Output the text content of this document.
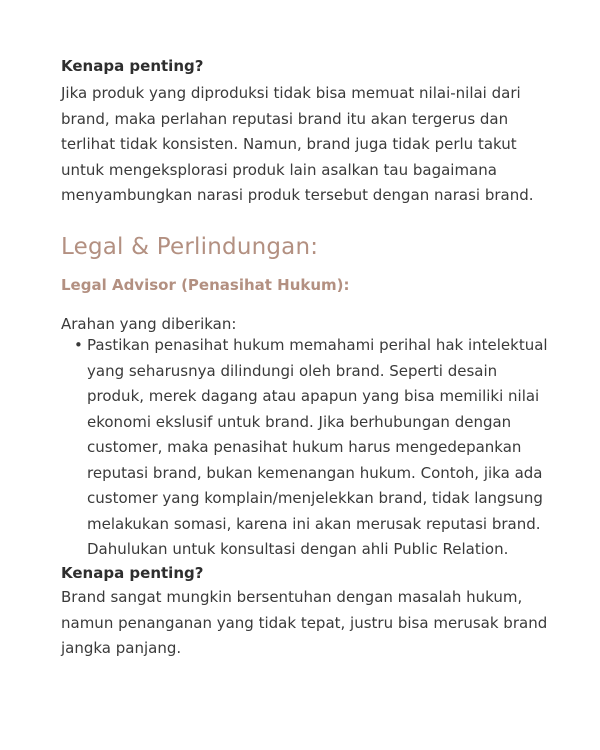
Kenapa penting?

Jika produk yang diproduksi tidak bisa memuat nilai-nilai dari
brand, maka perlahan reputasi brand itu akan tergerus dan
terlihat tidak konsisten. Namun, brand juga tidak perlu takut
untuk mengeksplorasi produk lain asalkan tau bagaimana
menyambungkan narasi produk tersebut dengan narasi brand.

Legal & Perlindungan:
Legal Advisor (Penasihat Hukum):

Arahan yang diberikan:

• Pastikan penasihat hukum memahami perihal hak intelektual
yang seharusnya dilindungi oleh brand. Seperti desain
produk, merek dagang atau apapun yang bisa memiliki nilai
ekonomi ekslusif untuk brand. Jika berhubungan dengan
customer, maka penasihat hukum harus mengedepankan
reputasi brand, bukan kemenangan hukum. Contoh, jika ada
customer yang komplain/menjelekkan brand, tidak langsung
melakukan somasi, karena ini akan merusak reputasi brand.
Dahulukan untuk konsultasi dengan ahli Public Relation.

Kenapa penting?

Brand sangat mungkin bersentuhan dengan masalah hukum,
namun penanganan yang tidak tepat, justru bisa merusak brand
jangka panjang.
